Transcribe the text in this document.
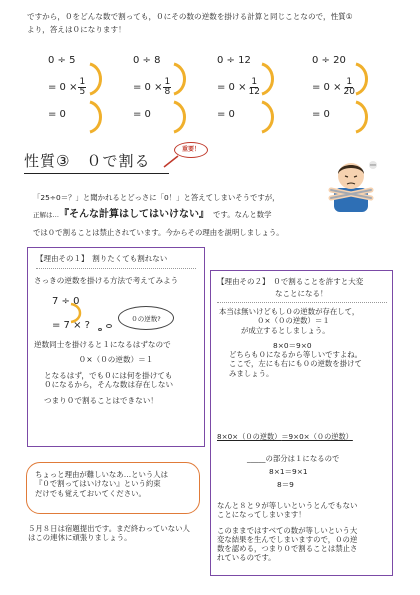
ですから，０をどんな数で割っても，０にその数の逆数を掛ける計算と同じことなので，性質①
より，答えは０になります！
0 ÷ 5
= $0 \times \frac{1}{5}$
= 0
0 ÷ 8
= $0 \times \frac{1}{8}$
= 0
0 ÷ 12
= $0 \times \frac{1}{12}$
= 0
0 ÷ 20
= $0 \times \frac{1}{20}$
= 0
性質③　０で割る
重要！
「25÷0＝？」と聞かれるとどっさに「0！」と答えてしまいそうですが，
正解は…『そんな計算はしてはいけない』 です。なんと数学
では０で割ることは禁止されています。今からその理由を説明しましょう。
【理由その１】　割りたくても割れない
さっきの逆数を掛ける方法で考えてみよう
7 ÷ 0
= 7 × ?
０の逆数?
逆数同士を掛けると１になるはずなので
０×（０の逆数）＝１
となるはず，でも０には何を掛けても
０になるから，そんな数は存在しない
つまり０で割ることはできない！
【理由その２】　０で割ることを許すと大変
なことになる！
本当は無いけどもし０の逆数が存在して，
０×（０の逆数）＝１
が成立するとしましょう。
8×0＝9×0
どちらも０になるから等しいですよね。
ここで，左にも右にも０の逆数を掛けて
みましょう。
8×0×（０の逆数）＝9×0×（０の逆数）
_____の部分は１になるので
8×1＝9×1
8＝9
なんと８と９が等しいというとんでもない
ことになってしまいます！
このままではすべての数が等しいという大
変な結果を生んでしまいますので，０の逆
数を認める，つまり０で割ることは禁止さ
れているのです。
ちょっと理由が難しいなあ…という人は
『０で割ってはいけない』という約束
だけでも覚えておいてください。
５月８日は宿題提出です。まだ終わっていない人
はこの連休に頑張りましょう。
